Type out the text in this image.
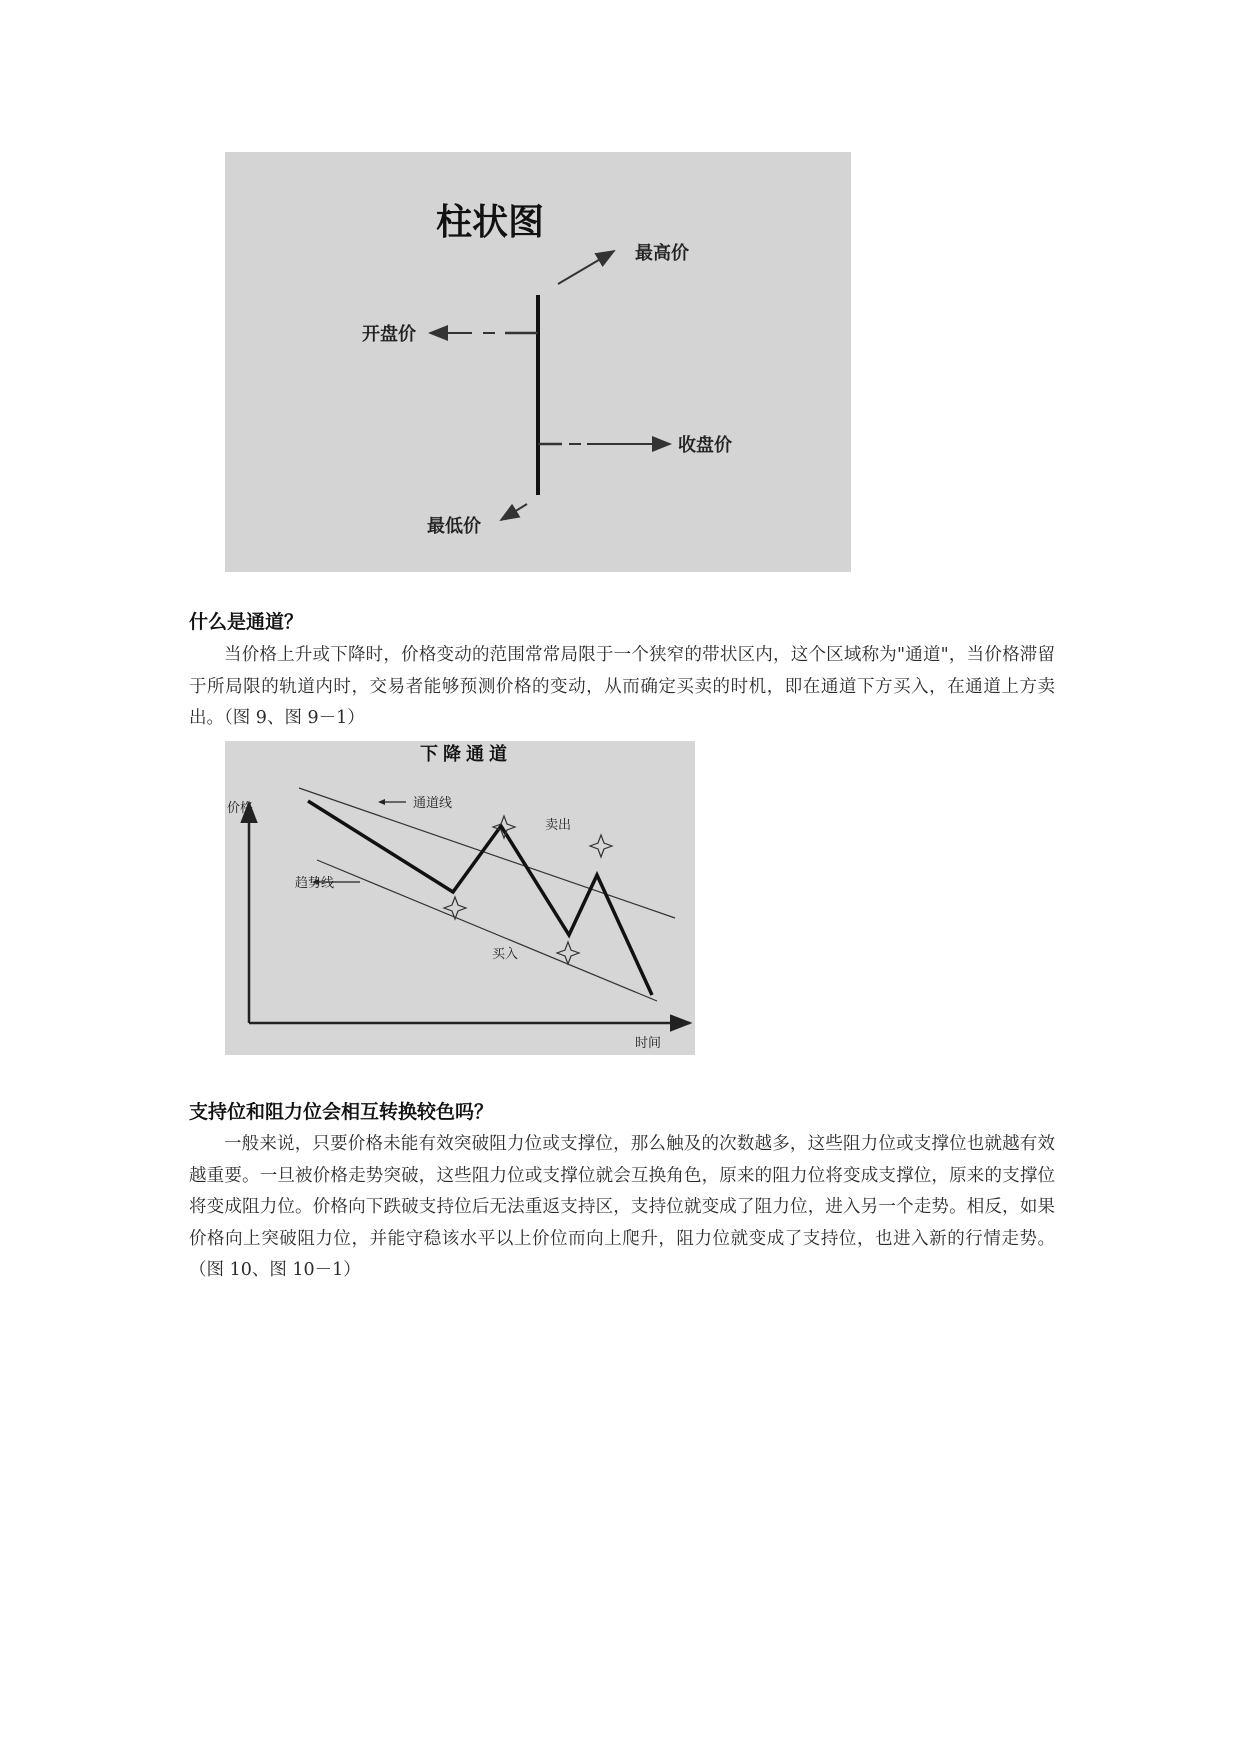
柱状图
开盘价
收盘价
最高价
最低价
什么是通道？

当价格上升或下降时，价格变动的范围常常局限于一个狭窄的带状区内，这个区域称为"通道"，当价格滞留于所局限的轨道内时，交易者能够预测价格的变动，从而确定买卖的时机，即在通道下方买入，在通道上方卖出。（图 9、图 9－1）

下降通道
价格
时间
通道线
趋势线
卖出
买入
支持位和阻力位会相互转换较色吗？

一般来说，只要价格未能有效突破阻力位或支撑位，那么触及的次数越多，这些阻力位或支撑位也就越有效越重要。一旦被价格走势突破，这些阻力位或支撑位就会互换角色，原来的阻力位将变成支撑位，原来的支撑位将变成阻力位。价格向下跌破支持位后无法重返支持区，支持位就变成了阻力位，进入另一个走势。相反，如果价格向上突破阻力位，并能守稳该水平以上价位而向上爬升，阻力位就变成了支持位，也进入新的行情走势。（图 10、图 10－1）
